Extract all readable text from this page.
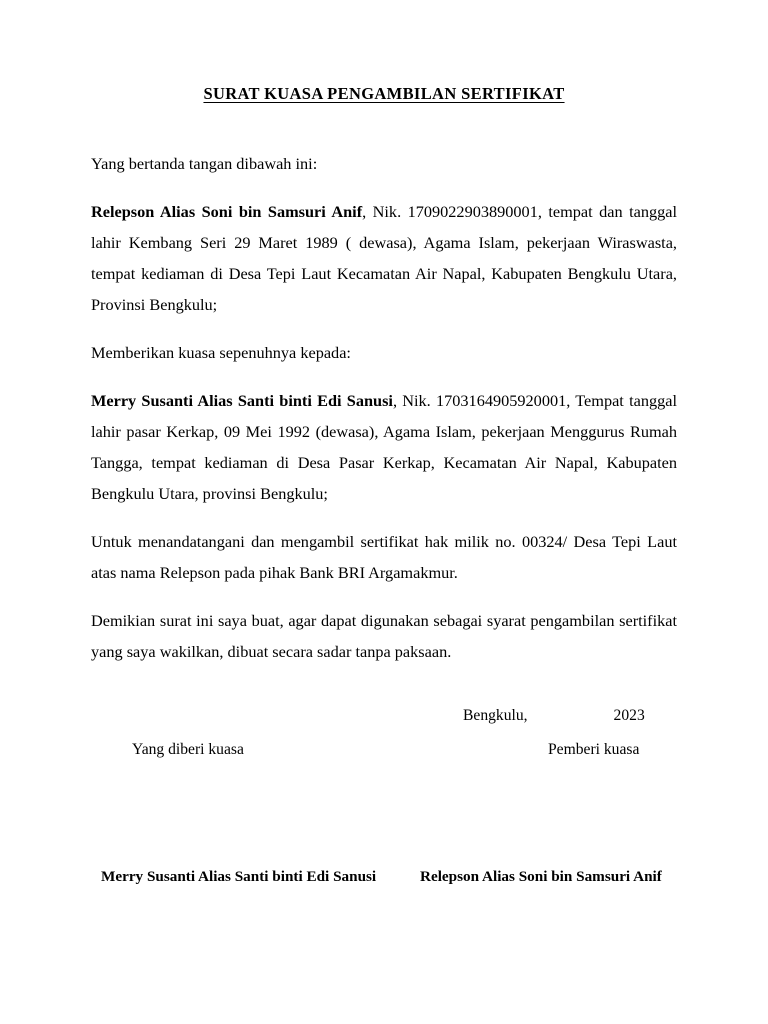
SURAT KUASA PENGAMBILAN SERTIFIKAT

Yang bertanda tangan dibawah ini:

Relepson Alias Soni bin Samsuri Anif, Nik. 1709022903890001, tempat dan tanggal lahir Kembang Seri 29 Maret 1989 ( dewasa), Agama Islam, pekerjaan Wiraswasta, tempat kediaman di Desa Tepi Laut Kecamatan Air Napal, Kabupaten Bengkulu Utara, Provinsi Bengkulu;

Memberikan kuasa sepenuhnya kepada:

Merry Susanti Alias Santi binti Edi Sanusi, Nik. 1703164905920001, Tempat tanggal lahir pasar Kerkap, 09 Mei 1992 (dewasa), Agama Islam, pekerjaan Menggurus Rumah Tangga, tempat kediaman di Desa Pasar Kerkap, Kecamatan Air Napal, Kabupaten Bengkulu Utara, provinsi Bengkulu;

Untuk menandatangani dan mengambil sertifikat hak milik no. 00324/ Desa Tepi Laut atas nama Relepson pada pihak Bank BRI Argamakmur.

Demikian surat ini saya buat, agar dapat digunakan sebagai syarat pengambilan sertifikat yang saya wakilkan, dibuat secara sadar tanpa paksaan.

Bengkulu,	2023
Yang diberi kuasa	Pemberi kuasa
Merry Susanti Alias Santi binti Edi Sanusi	Relepson Alias Soni bin Samsuri Anif
